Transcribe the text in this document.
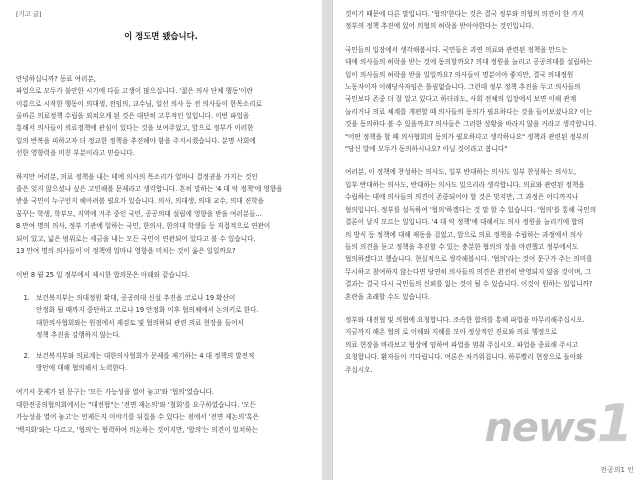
[기고 글]
이 정도면 됐습니다.

안녕하십니까? 동료 여러분,
파업으로 모두가 불안한 시기에 다들 고생이 많으십니다. '젊은 의사 단체 행동'이란
이름으로 시작한 행동이 의대생, 전임의, 교수님, 일선 의사 등 전 의사들이 한목소리로
올바른 의료정책 수립을 외쳐오게 된 것은 대단히 고무적인 일입니다. 이번 파업을
통해서 의사들이 의료정책에 관심이 있다는 것을 보여주었고, 앞으로 정부가 이러한
일의 반복을 피하고자 더 정교한 정책을 추진해야 함을 주지시켰습니다. 분명 사회에
선한 영향력을 미친 부분이라고 믿습니다.

하지만 여러분, 의료 정책을 내는 데에 의사의 목소리가 얼마나 결정권을 가지는 것인
줄은 잊지 않으셨나 싶은 고민해볼 문제라고 생각합니다. 흔히 말하는 '4 대 악 정책'에 영향을
받을 국민이 누구인지 헤아려볼 필요가 있습니다. 의사, 의대생, 의대 교수, 의대 진학을
꿈꾸는 학생, 학부모, 지역에 거주 중인 국민, 공공의대 설립에 영향을 받을 여러분들...
8 만여 명의 의사, 정부 기관에 일하는 국민, 한의사, 한의대 학생들 등 직접적으로 연관이
되어 있고, 넓은 범위로는 세금을 내는 모든 국민이 연관되어 있다고 볼 수 있습니다.
13 만여 명의 의사들이 이 정책에 얼마나 영향을 미치는 것이 옳은 일일까요?

이번 8 월 25 일 정부에서 제시한 합의문은 아래와 같습니다.

1. 보건복지부는 의대정원 확대, 공공의대 신설 추진을 코로나 19 확산이
안정화 될 때까지 중단하고 코로나 19 안정화 이후 협의체에서 논의키로 한다.
대한의사협회와는 원점에서 재검토 및 협의하되 관련 의료 현장을 들어서
정책 추진을 강행하지 않는다.
2. 보건복지부와 의료계는 대한의사협회가 문제를 제기하는 4 대 정책의 발전적
방안에 대해 협의해서 노력한다.

여기서 문제가 된 문구는 '모든 가능성을 열어 놓고'와 '협의'였습니다.
대한전공의협의회에서는 "대전협"는 '전면 재논의'와 '철회'를 요구하였습니다. '모든
가능성을 열어 놓고'는 언제든지 이야기를 뒤집을 수 있다는 점에서 '전면 재논의'혹은
'백지화'와는 다르고, '협의'는 협력하여 의논하는 것이지만, '합의'는 의견이 일치하는

것이기 때문에 다른 말입니다. '협의'한다는 것은 결국 정부와 의협의 의견이 한 가지
정부의 정책 추진에 있어 의협의 허락을 받아야한다는 것인입니다.

국민들의 입장에서 생각해봅시다. 국민들은 과연 의료와 관련된 정책을 만드는
데에 의사들의 허락을 받는 것에 동의할까요? 의대 정원을 늘리고 공공의대를 설립하는
일이 의사들의 허락을 받을 일일까요? 의사들이 명분이야 좋지만, 결국 의대정원
노동자이자 이해당사자임은 틀림없습니다. 그런데 정부 정책 추진을 두고 의사들의
국민보다 존중 더 잘 알고 있다고 하더라도, 사회 전체의 입장에서 보면 이해 관계
늘리거나 의료 체계를 개편할 때 의사들의 동의가 필요하다는 것을 들어보셨나요? 이는
것을 동의하다 볼 수 있을까요? 의사들은 그러한 상황을 바라지 않을 거라고 생각합니다.
"어떤 정책을 할 때 의사협회의 동의가 필요하다고 생각하나요" 정책과 관련된 정부의
"당신 말에 모두가 동의하시나요? 아닐 것이라고 봅니다"

여러분, 이 정책에 찬성하는 의사도, 일부 반대하는 의사도 일부 찬성하는 의사도,
일부 반대하는 의사도, 반대하는 의사도 있으리라 생각합니다. 의료와 관련된 정책을
수립하는 데에 의사들의 의견이 존중되어야 할 것은 맞지만, 그 과정은 어디까지나
협의입니다. 정부를 설득하여 '협의'하겠다는 것 말 할 수 있습니다. '협의'를 통해 국민의
결론이 날지 모르는 일입니다. '4 대 악 정책'에 대해서도 의사 정원을 늘리기에 합의
의 방식 등 정책에 대해 제동을 걸었고, 앞으로 의료 정책을 수립하는 과정에서 의사
들의 의견을 듣고 정책을 추진할 수 있는 충분한 협의의 장을 마련했고 정부에서도
협의하겠다고 했습니다. 현실적으로 생각해봅시다. '협의'라는 것이 문구가 주는 의미를
무시하고 참여하지 않는다면 당연히 의사들의 의견은 완전히 반영되지 않을 것이며, 그
결과는 결국 다시 국민들의 신뢰를 잃는 것이 될 수 있습니다. 이것이 원하는 일입니까?
혼란을 초래할 수도 있습니다.

정부와 대전협 및 의협에 요청합니다. 조속한 합의를 통해 파업을 마무리해주십시오.
지금까지 해온 협의 로 이해와 지혜를 모아 정상적인 진료와 의료 행정으로
의료 현장을 바라보고 협상에 임하여 파업을 멈춰 주십시오. 파업을 종료해 주시고
요청합니다. 환자들이 기다립니다. 여론은 차가워집니다. 하루빨리 현장으로 돌아와
주십시오.

전공의1 인
news1
